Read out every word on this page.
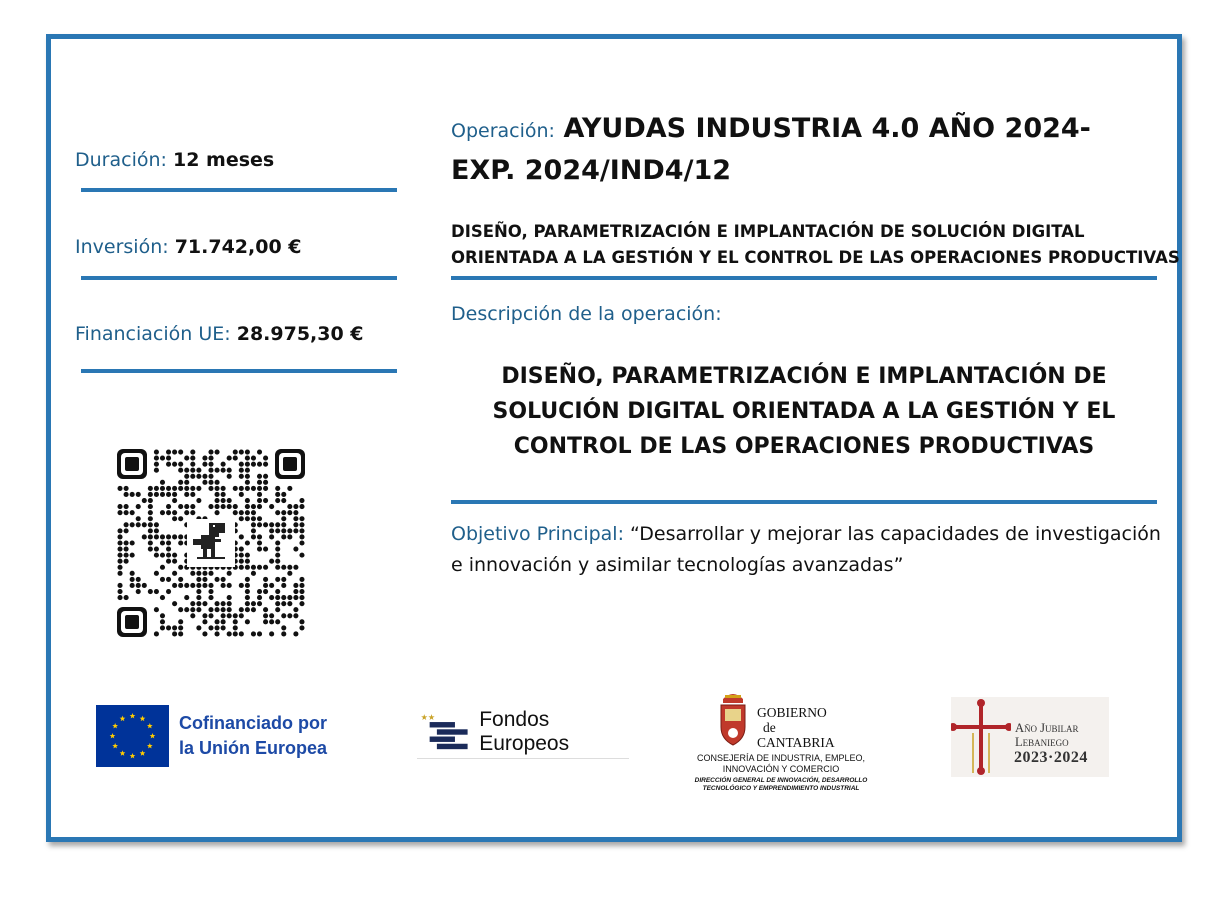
Duración: 12 meses
Inversión: 71.742,00 €
Financiación UE: 28.975,30 €
Operación: AYUDAS INDUSTRIA 4.0 AÑO 2024- EXP. 2024/IND4/12
DISEÑO, PARAMETRIZACIÓN E IMPLANTACIÓN DE SOLUCIÓN DIGITAL ORIENTADA A LA GESTIÓN Y EL CONTROL DE LAS OPERACIONES PRODUCTIVAS
Descripción de la operación:
DISEÑO, PARAMETRIZACIÓN E IMPLANTACIÓN DE SOLUCIÓN DIGITAL ORIENTADA A LA GESTIÓN Y EL CONTROL DE LAS OPERACIONES PRODUCTIVAS
Objetivo Principal: “Desarrollar y mejorar las capacidades de investigación e innovación y asimilar tecnologías avanzadas”
Cofinanciado por
la Unión Europea
★★ Fondos Europeos
GOBIERNO
de
CANTABRIA
CONSEJERÍA DE INDUSTRIA, EMPLEO,
INNOVACIÓN Y COMERCIO
DIRECCIÓN GENERAL DE INNOVACIÓN, DESARROLLO
TECNOLÓGICO Y EMPRENDIMIENTO INDUSTRIAL
Año Jubilar
Lebaniego
2023·2024
